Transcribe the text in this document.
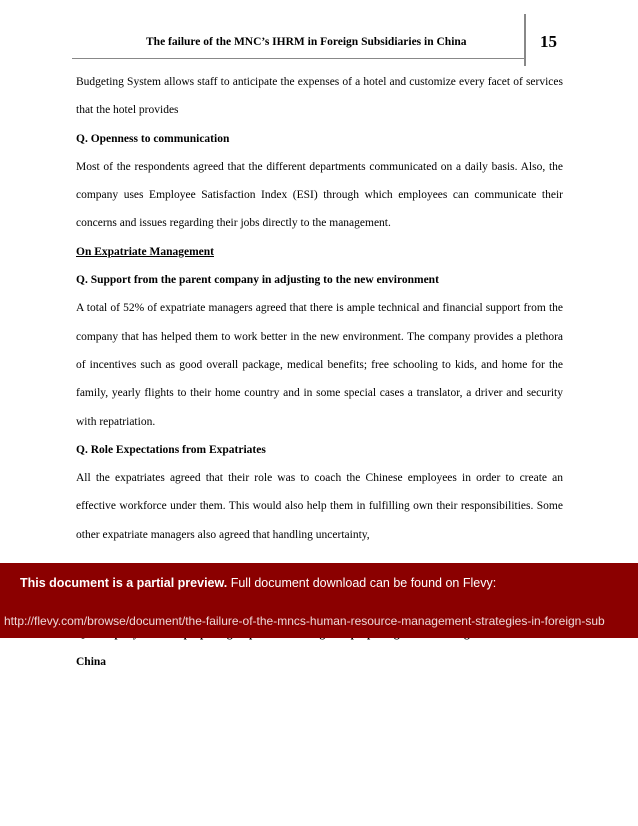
The failure of the MNC’s IHRM in Foreign Subsidiaries in China	15

Budgeting System allows staff to anticipate the expenses of a hotel and customize every facet of services that the hotel provides

Q. Openness to communication

Most of the respondents agreed that the different departments communicated on a daily basis. Also, the company uses Employee Satisfaction Index (ESI) through which employees can communicate their concerns and issues regarding their jobs directly to the management.

On Expatriate Management

Q. Support from the parent company in adjusting to the new environment

A total of 52% of expatriate managers agreed that there is ample technical and financial support from the company that has helped them to work better in the new environment. The company provides a plethora of incentives such as good overall package, medical benefits; free schooling to kids, and home for the family, yearly flights to their home country and in some special cases a translator, a driver and security with repatriation.

Q. Role Expectations from Expatriates

All the expatriates agreed that their role was to coach the Chinese employees in order to create an effective workforce under them. This would also help them in fulfilling own their responsibilities. Some other expatriate managers also agreed that handling uncertainty,

China

This document is a partial preview. Full document download can be found on Flevy:
http://flevy.com/browse/document/the-failure-of-the-mncs-human-resource-management-strategies-in-foreign-sub
